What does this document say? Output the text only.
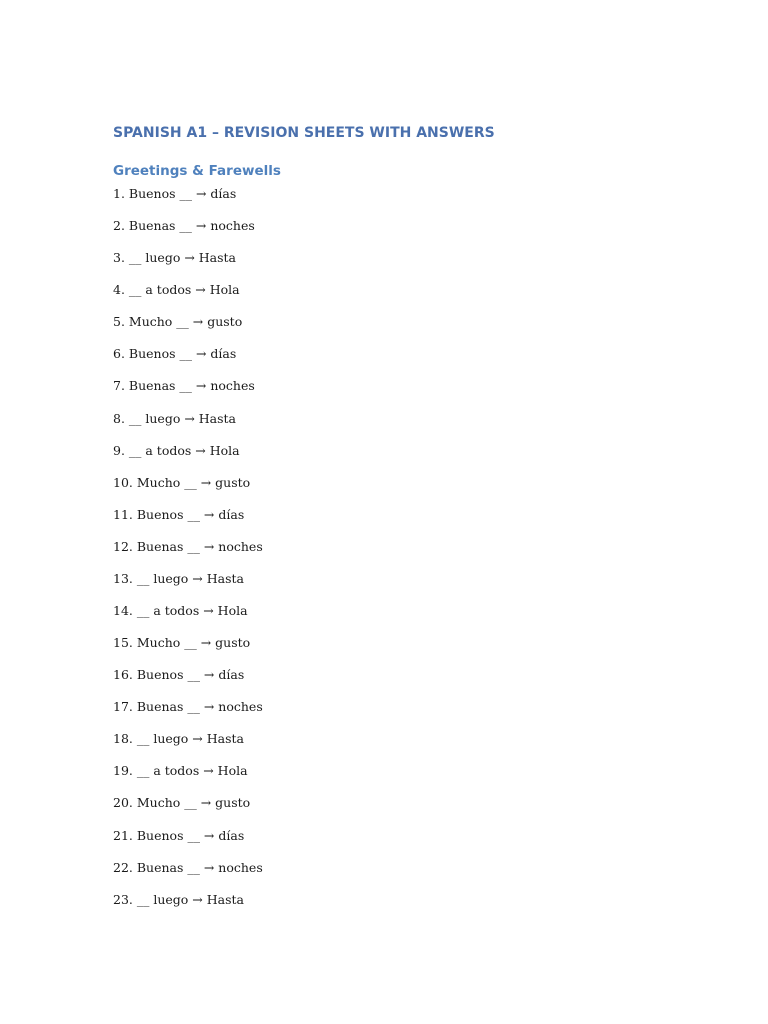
SPANISH A1 – REVISION SHEETS WITH ANSWERS
Greetings & Farewells
1. Buenos __ → días
2. Buenas __ → noches
3. __ luego → Hasta
4. __ a todos → Hola
5. Mucho __ → gusto
6. Buenos __ → días
7. Buenas __ → noches
8. __ luego → Hasta
9. __ a todos → Hola
10. Mucho __ → gusto
11. Buenos __ → días
12. Buenas __ → noches
13. __ luego → Hasta
14. __ a todos → Hola
15. Mucho __ → gusto
16. Buenos __ → días
17. Buenas __ → noches
18. __ luego → Hasta
19. __ a todos → Hola
20. Mucho __ → gusto
21. Buenos __ → días
22. Buenas __ → noches
23. __ luego → Hasta
